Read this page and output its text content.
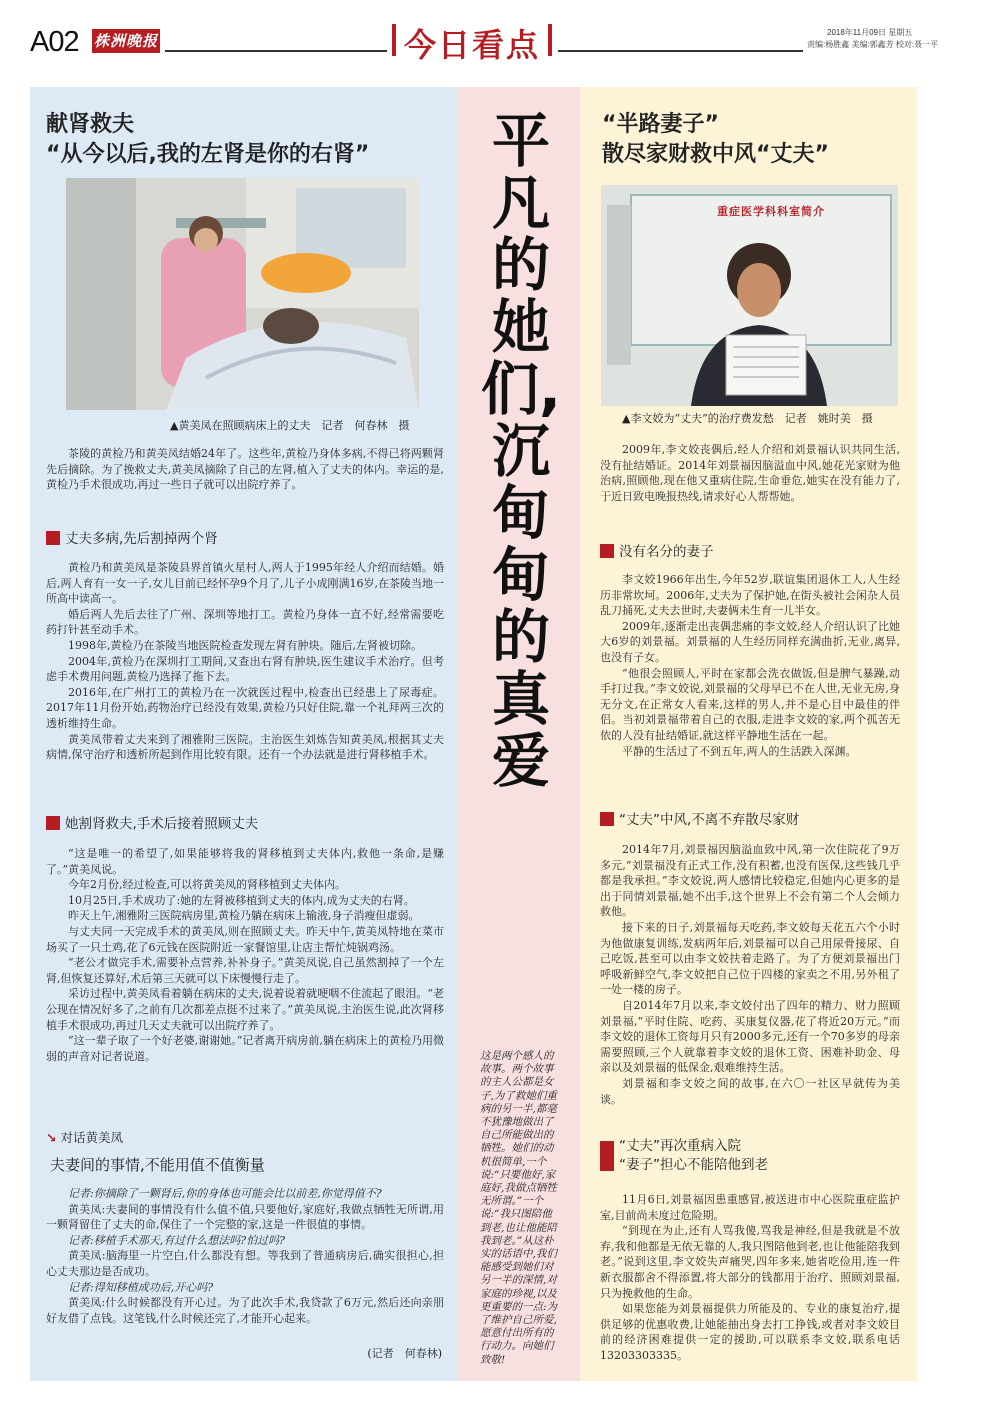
A02 株洲晚报	今日看点	2018年11月09日 星期五
责编:杨胜鑫 美编:郭鑫芳 校对:聂一平
献肾救夫
“从今以后,我的左肾是你的右肾”
▲黄美凤在照顾病床上的丈夫　记者　何春林　摄

茶陵的黄检乃和黄美凤结婚24年了。这些年,黄检乃身体多病,不得已将两颗肾先后摘除。为了挽救丈夫,黄美凤摘除了自己的左肾,植入了丈夫的体内。幸运的是,黄检乃手术很成功,再过一些日子就可以出院疗养了。

丈夫多病,先后割掉两个肾

黄检乃和黄美凤是茶陵县界首镇火星村人,两人于1995年经人介绍而结婚。婚后,两人育有一女一子,女儿目前已经怀孕9个月了,儿子小成刚满16岁,在茶陵当地一所高中读高一。

婚后两人先后去往了广州、深圳等地打工。黄检乃身体一直不好,经常需要吃药打针甚至动手术。

1998年,黄检乃在茶陵当地医院检查发现左肾有肿块。随后,左肾被切除。

2004年,黄检乃在深圳打工期间,又查出右肾有肿块,医生建议手术治疗。但考虑手术费用问题,黄检乃选择了拖下去。

2016年,在广州打工的黄检乃在一次就医过程中,检查出已经患上了尿毒症。2017年11月份开始,药物治疗已经没有效果,黄检乃只好住院,靠一个礼拜两三次的透析维持生命。

黄美凤带着丈夫来到了湘雅附三医院。主治医生刘炼告知黄美凤,根据其丈夫病情,保守治疗和透析所起到作用比较有限。还有一个办法就是进行肾移植手术。

她割肾救夫,手术后接着照顾丈夫

“这是唯一的希望了,如果能够将我的肾移植到丈夫体内,救他一条命,是赚了。”黄美凤说。

今年2月份,经过检查,可以将黄美凤的肾移植到丈夫体内。

10月25日,手术成功了:她的左肾被移植到丈夫的体内,成为丈夫的右肾。

昨天上午,湘雅附三医院病房里,黄检乃躺在病床上输液,身子消瘦但虚弱。

与丈夫同一天完成手术的黄美凤,则在照顾丈夫。昨天中午,黄美凤特地在菜市场买了一只土鸡,花了6元钱在医院附近一家餐馆里,让店主帮忙炖锅鸡汤。

“老公才做完手术,需要补点营养,补补身子。”黄美凤说,自己虽然割掉了一个左肾,但恢复还算好,术后第三天就可以下床慢慢行走了。

采访过程中,黄美凤看着躺在病床的丈夫,说着说着就哽咽不住流起了眼泪。“老公现在情况好多了,之前有几次都差点挺不过来了。”黄美凤说,主治医生说,此次肾移植手术很成功,再过几天丈夫就可以出院疗养了。

“这一辈子取了一个好老婆,谢谢她。”记者离开病房前,躺在病床上的黄检乃用微弱的声音对记者说道。

↘ 对话黄美凤
夫妻间的事情,不能用值不值衡量

记者:你摘除了一颗肾后,你的身体也可能会比以前差,你觉得值不?

黄美凤:夫妻间的事情没有什么值不值,只要他好,家庭好,我做点牺牲无所谓,用一颗肾留住了丈夫的命,保住了一个完整的家,这是一件很值的事情。

记者:移植手术那天,有过什么想法吗?怕过吗?

黄美凤:脑海里一片空白,什么都没有想。等我到了普通病房后,确实很担心,担心丈夫那边是否成功。

记者:得知移植成功后,开心吗?

黄美凤:什么时候都没有开心过。为了此次手术,我贷款了6万元,然后还向亲朋好友借了点钱。这笔钱,什么时候还完了,才能开心起来。

(记者　何春林)
平凡的她们,沉甸甸的真爱
这是两个感人的故事。两个故事的主人公都是女子,为了救她们重病的另一半,都毫不犹豫地做出了自己所能做出的牺牲。她们的动机很简单,一个说:“只要他好,家庭好,我做点牺牲无所谓。”一个说:“我只图陪他到老,也让他能陪我到老。”从这朴实的话语中,我们能感受到她们对另一半的深情,对家庭的珍视,以及更重要的一点:为了维护自己所爱,愿意付出所有的行动力。向她们致敬!
“半路妻子”
散尽家财救中风“丈夫”
重症医学科科室简介
▲李文姣为“丈夫”的治疗费发愁　记者　姚时美　摄

2009年,李文姣丧偶后,经人介绍和刘景福认识共同生活,没有扯结婚证。2014年刘景福因脑溢血中风,她花光家财为他治病,照顾他,现在他又重病住院,生命垂危,她实在没有能力了,于近日致电晚报热线,请求好心人帮帮她。

没有名分的妻子

李文姣1966年出生,今年52岁,联谊集团退休工人,人生经历非常坎坷。2006年,丈夫为了保护她,在街头被社会闲杂人员乱刀捅死,丈夫去世时,夫妻俩未生育一儿半女。

2009年,逐渐走出丧偶悲痛的李文姣,经人介绍认识了比她大6岁的刘景福。刘景福的人生经历同样充满曲折,无业,离异,也没有子女。

“他很会照顾人,平时在家都会洗衣做饭,但是脾气暴躁,动手打过我。”李文姣说,刘景福的父母早已不在人世,无业无房,身无分文,在正常女人看来,这样的男人,并不是心目中最佳的伴侣。当初刘景福带着自己的衣服,走进李文姣的家,两个孤苦无依的人没有扯结婚证,就这样平静地生活在一起。

平静的生活过了不到五年,两人的生活跌入深渊。

“丈夫”中风,不离不弃散尽家财

2014年7月,刘景福因脑溢血致中风,第一次住院花了9万多元,“刘景福没有正式工作,没有积蓄,也没有医保,这些钱几乎都是我承担。”李文姣说,两人感情比较稳定,但她内心更多的是出于同情刘景福,她不出手,这个世界上不会有第二个人会倾力救他。

接下来的日子,刘景福每天吃药,李文姣每天花五六个小时为他做康复训练,发病两年后,刘景福可以自己用尿骨接尿、自己吃饭,甚至可以由李文姣扶着走路了。为了方便刘景福出门呼吸新鲜空气,李文姣把自己位于四楼的家卖之不用,另外租了一处一楼的房子。

自2014年7月以来,李文姣付出了四年的精力、财力照顾刘景福,“平时住院、吃药、买康复仪器,花了将近20万元。”而李文姣的退休工资每月只有2000多元,还有一个70多岁的母亲需要照顾,三个人就靠着李文姣的退休工资、困难补助金、母亲以及刘景福的低保金,艰难维持生活。

刘景福和李文姣之间的故事,在六〇一社区早就传为美谈。

“丈夫”再次重病入院
“妻子”担心不能陪他到老

11月6日,刘景福因患重感冒,被送进市中心医院重症监护室,目前尚未度过危险期。

“到现在为止,还有人骂我傻,骂我是神经,但是我就是不放弃,我和他都是无依无靠的人,我只图陪他到老,也让他能陪我到老。”说到这里,李文姣失声痛哭,四年多来,她省吃俭用,连一件新衣服都舍不得添置,将大部分的钱都用于治疗、照顾刘景福,只为挽救他的生命。

如果您能为刘景福提供力所能及的、专业的康复治疗,提供足够的优惠收费,让她能抽出身去打工挣钱,或者对李文姣目前的经济困难提供一定的援助,可以联系李文姣,联系电话13203303335。
